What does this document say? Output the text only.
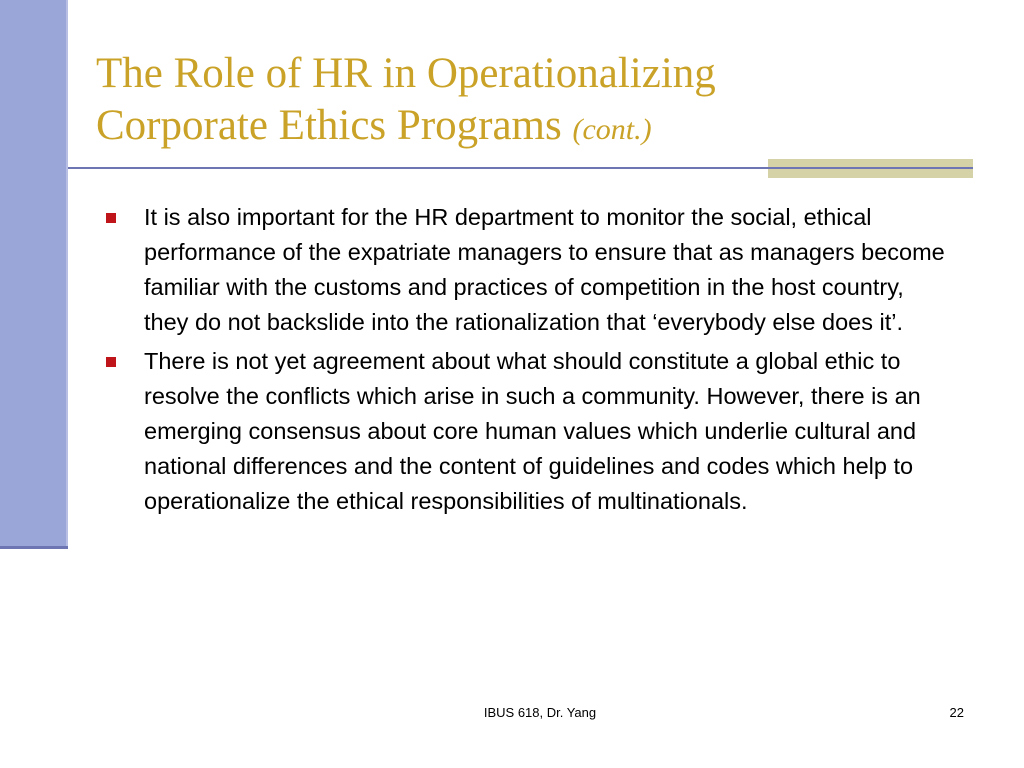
The Role of HR in Operationalizing
Corporate Ethics Programs (cont.)
It is also important for the HR department to monitor the social, ethical performance of the expatriate managers to ensure that as managers become familiar with the customs and practices of competition in the host country, they do not backslide into the rationalization that ‘everybody else does it’.
There is not yet agreement about what should constitute a global ethic to resolve the conflicts which arise in such a community. However, there is an emerging consensus about core human values which underlie cultural and national differences and the content of guidelines and codes which help to operationalize the ethical responsibilities of multinationals.
IBUS 618, Dr. Yang	22
